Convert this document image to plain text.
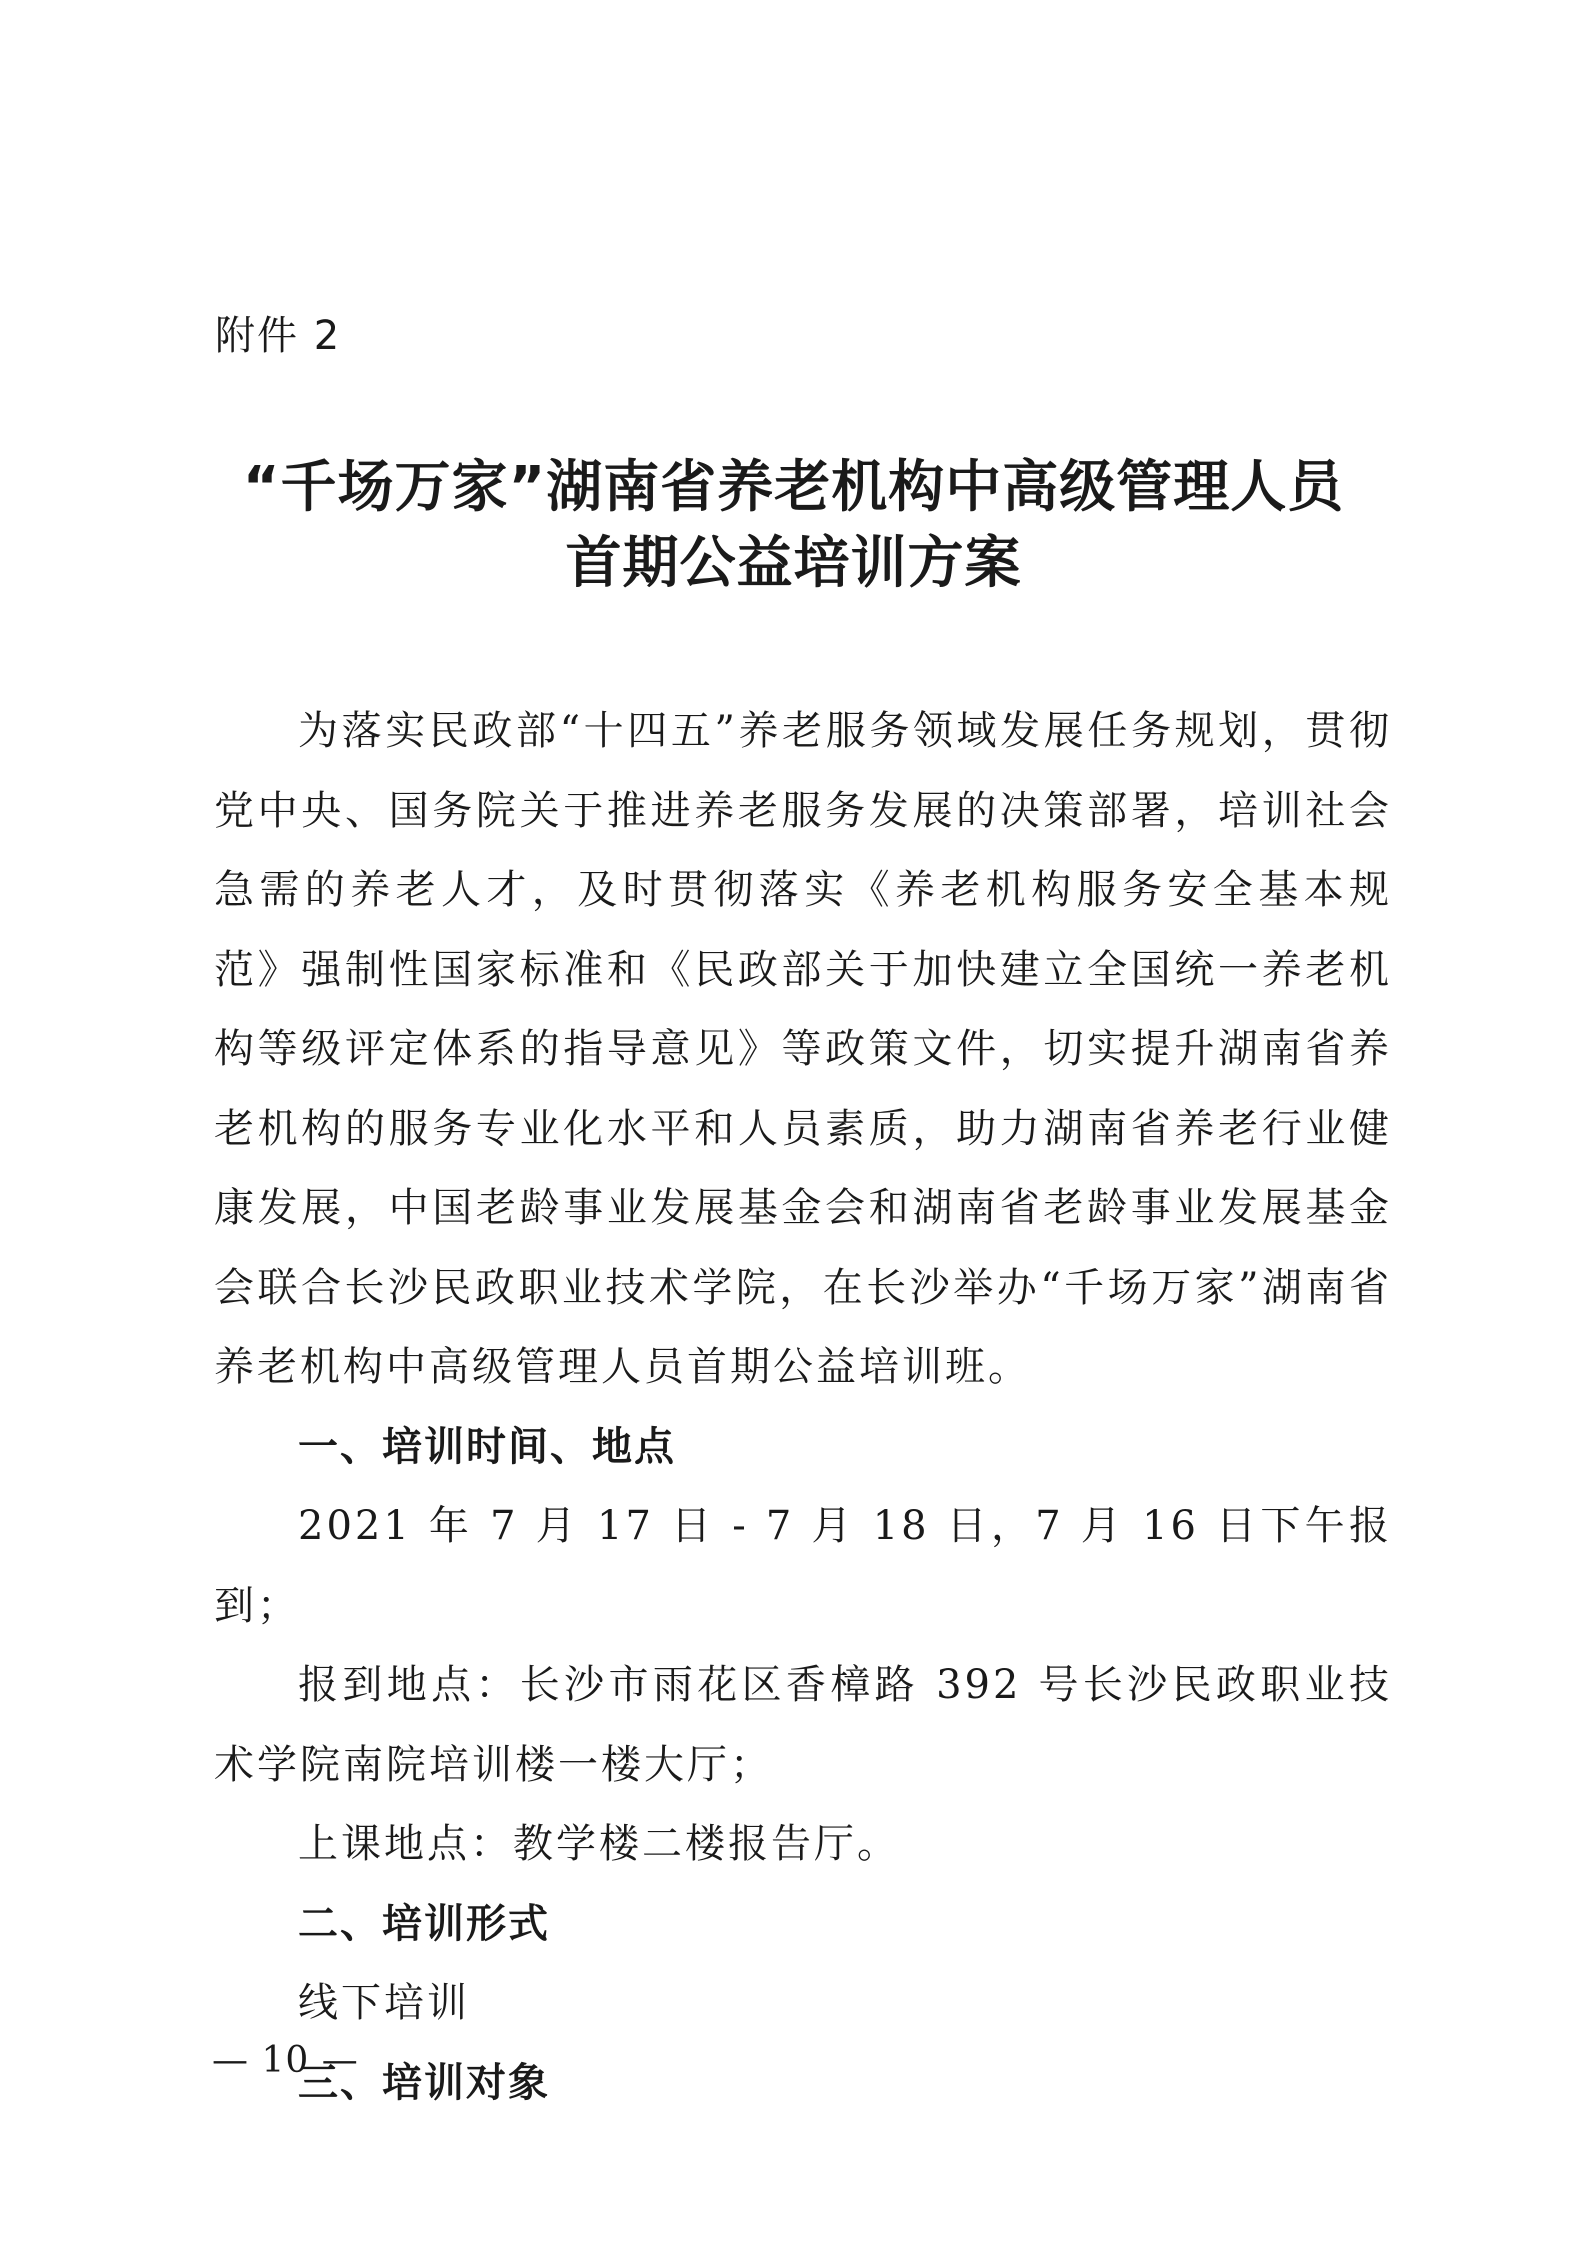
附件 2
“千场万家”湖南省养老机构中高级管理人员
首期公益培训方案

为落实民政部“十四五”养老服务领域发展任务规划，贯彻党中央、国务院关于推进养老服务发展的决策部署，培训社会急需的养老人才，及时贯彻落实《养老机构服务安全基本规范》强制性国家标准和《民政部关于加快建立全国统一养老机构等级评定体系的指导意见》等政策文件，切实提升湖南省养老机构的服务专业化水平和人员素质，助力湖南省养老行业健康发展，中国老龄事业发展基金会和湖南省老龄事业发展基金会联合长沙民政职业技术学院，在长沙举办“千场万家”湖南省养老机构中高级管理人员首期公益培训班。

一、培训时间、地点

2021 年 7 月 17 日 - 7 月 18 日，7 月 16 日下午报到；

报到地点：长沙市雨花区香樟路 392 号长沙民政职业技术学院南院培训楼一楼大厅；

上课地点：教学楼二楼报告厅。

二、培训形式

线下培训

三、培训对象

— 10 —
